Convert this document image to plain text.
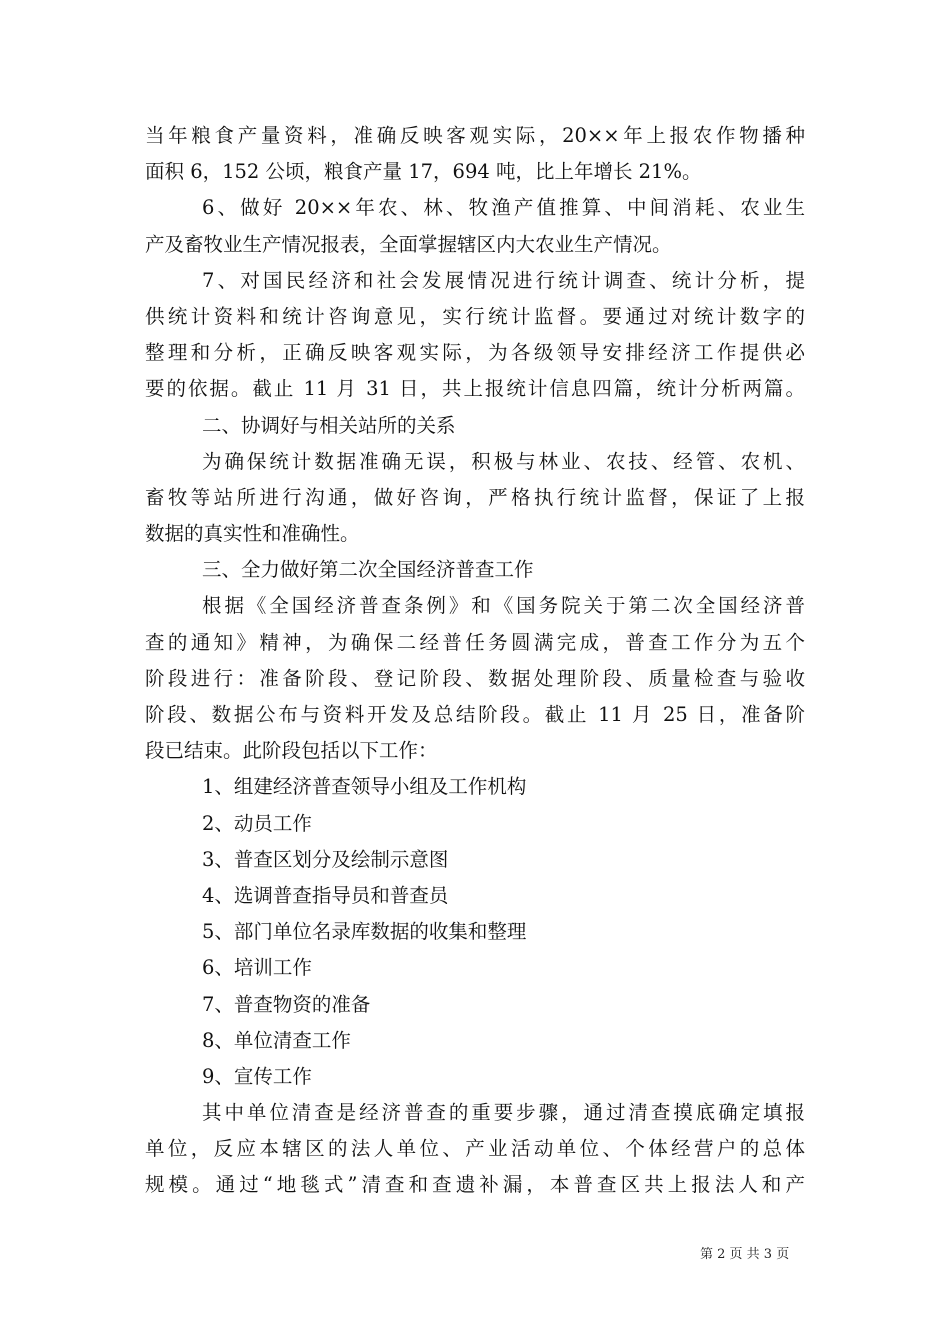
当年粮食产量资料，准确反映客观实际，20××年上报农作物播种
面积 6，152 公顷，粮食产量 17，694 吨，比上年增长 21%。
6、做好 20××年农、林、牧渔产值推算、中间消耗、农业生
产及畜牧业生产情况报表，全面掌握辖区内大农业生产情况。
7、对国民经济和社会发展情况进行统计调查、统计分析，提
供统计资料和统计咨询意见，实行统计监督。要通过对统计数字的
整理和分析，正确反映客观实际，为各级领导安排经济工作提供必
要的依据。截止 11 月 31 日，共上报统计信息四篇，统计分析两篇。
二、协调好与相关站所的关系
为确保统计数据准确无误，积极与林业、农技、经管、农机、
畜牧等站所进行沟通，做好咨询，严格执行统计监督，保证了上报
数据的真实性和准确性。
三、全力做好第二次全国经济普查工作
根据《全国经济普查条例》和《国务院关于第二次全国经济普
查的通知》精神，为确保二经普任务圆满完成，普查工作分为五个
阶段进行：准备阶段、登记阶段、数据处理阶段、质量检查与验收
阶段、数据公布与资料开发及总结阶段。截止 11 月 25 日，准备阶
段已结束。此阶段包括以下工作：
1、组建经济普查领导小组及工作机构
2、动员工作
3、普查区划分及绘制示意图
4、选调普查指导员和普查员
5、部门单位名录库数据的收集和整理
6、培训工作
7、普查物资的准备
8、单位清查工作
9、宣传工作
其中单位清查是经济普查的重要步骤，通过清查摸底确定填报
单位，反应本辖区的法人单位、产业活动单位、个体经营户的总体
规模。通过“地毯式”清查和查遗补漏，本普查区共上报法人和产
第 2 页 共 3 页
